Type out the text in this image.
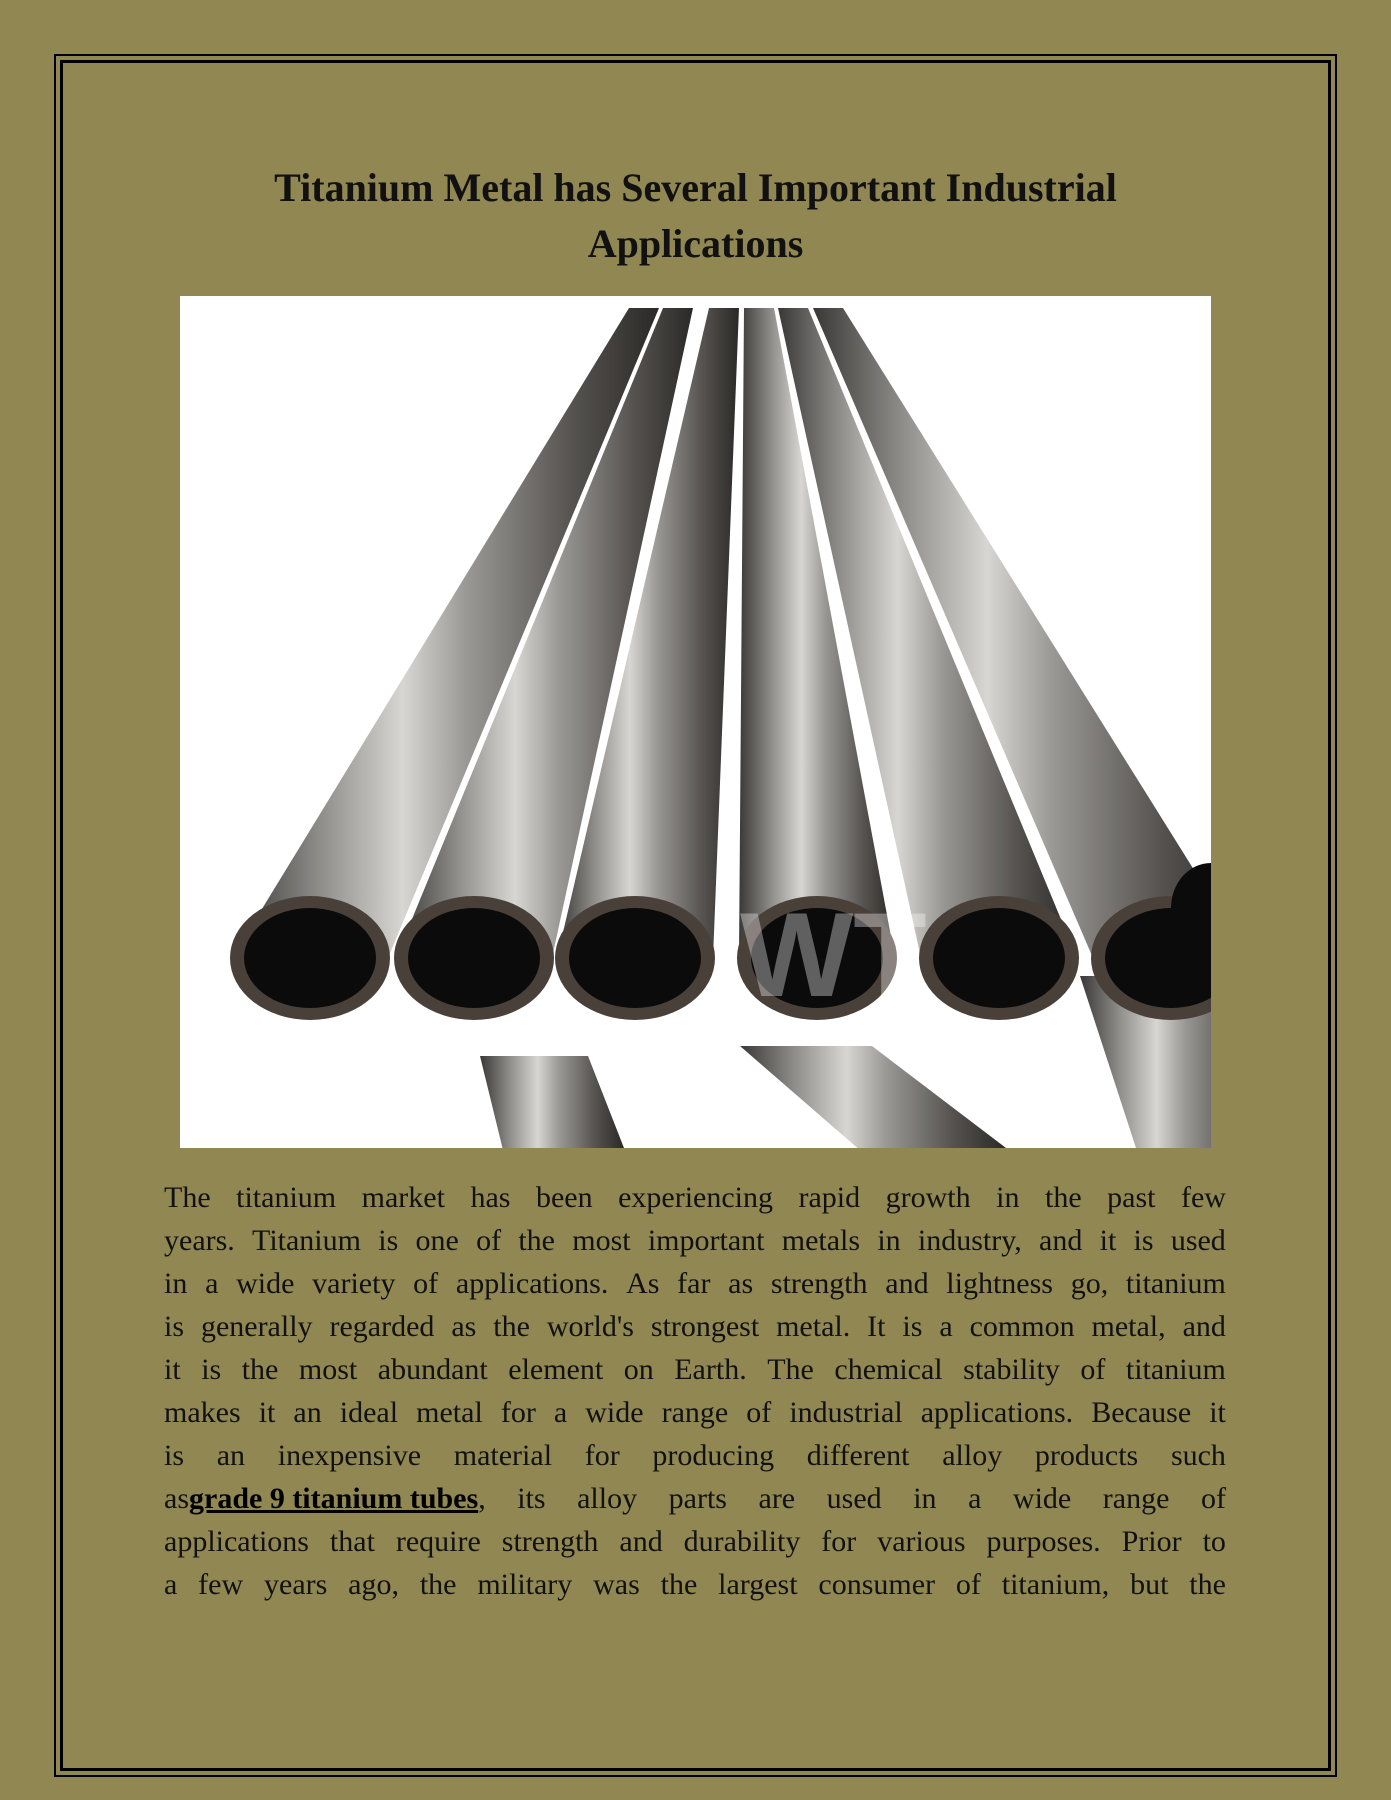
Titanium Metal has Several Important Industrial Applications
WT
The titanium market has been experiencing rapid growth in the past few
years. Titanium is one of the most important metals in industry, and it is used
in a wide variety of applications. As far as strength and lightness go, titanium
is generally regarded as the world's strongest metal. It is a common metal, and
it is the most abundant element on Earth. The chemical stability of titanium
makes it an ideal metal for a wide range of industrial applications. Because it
is an inexpensive material for producing different alloy products such
as grade 9 titanium tubes , its alloy parts are used in a wide range of
applications that require strength and durability for various purposes. Prior to
a few years ago, the military was the largest consumer of titanium, but the
